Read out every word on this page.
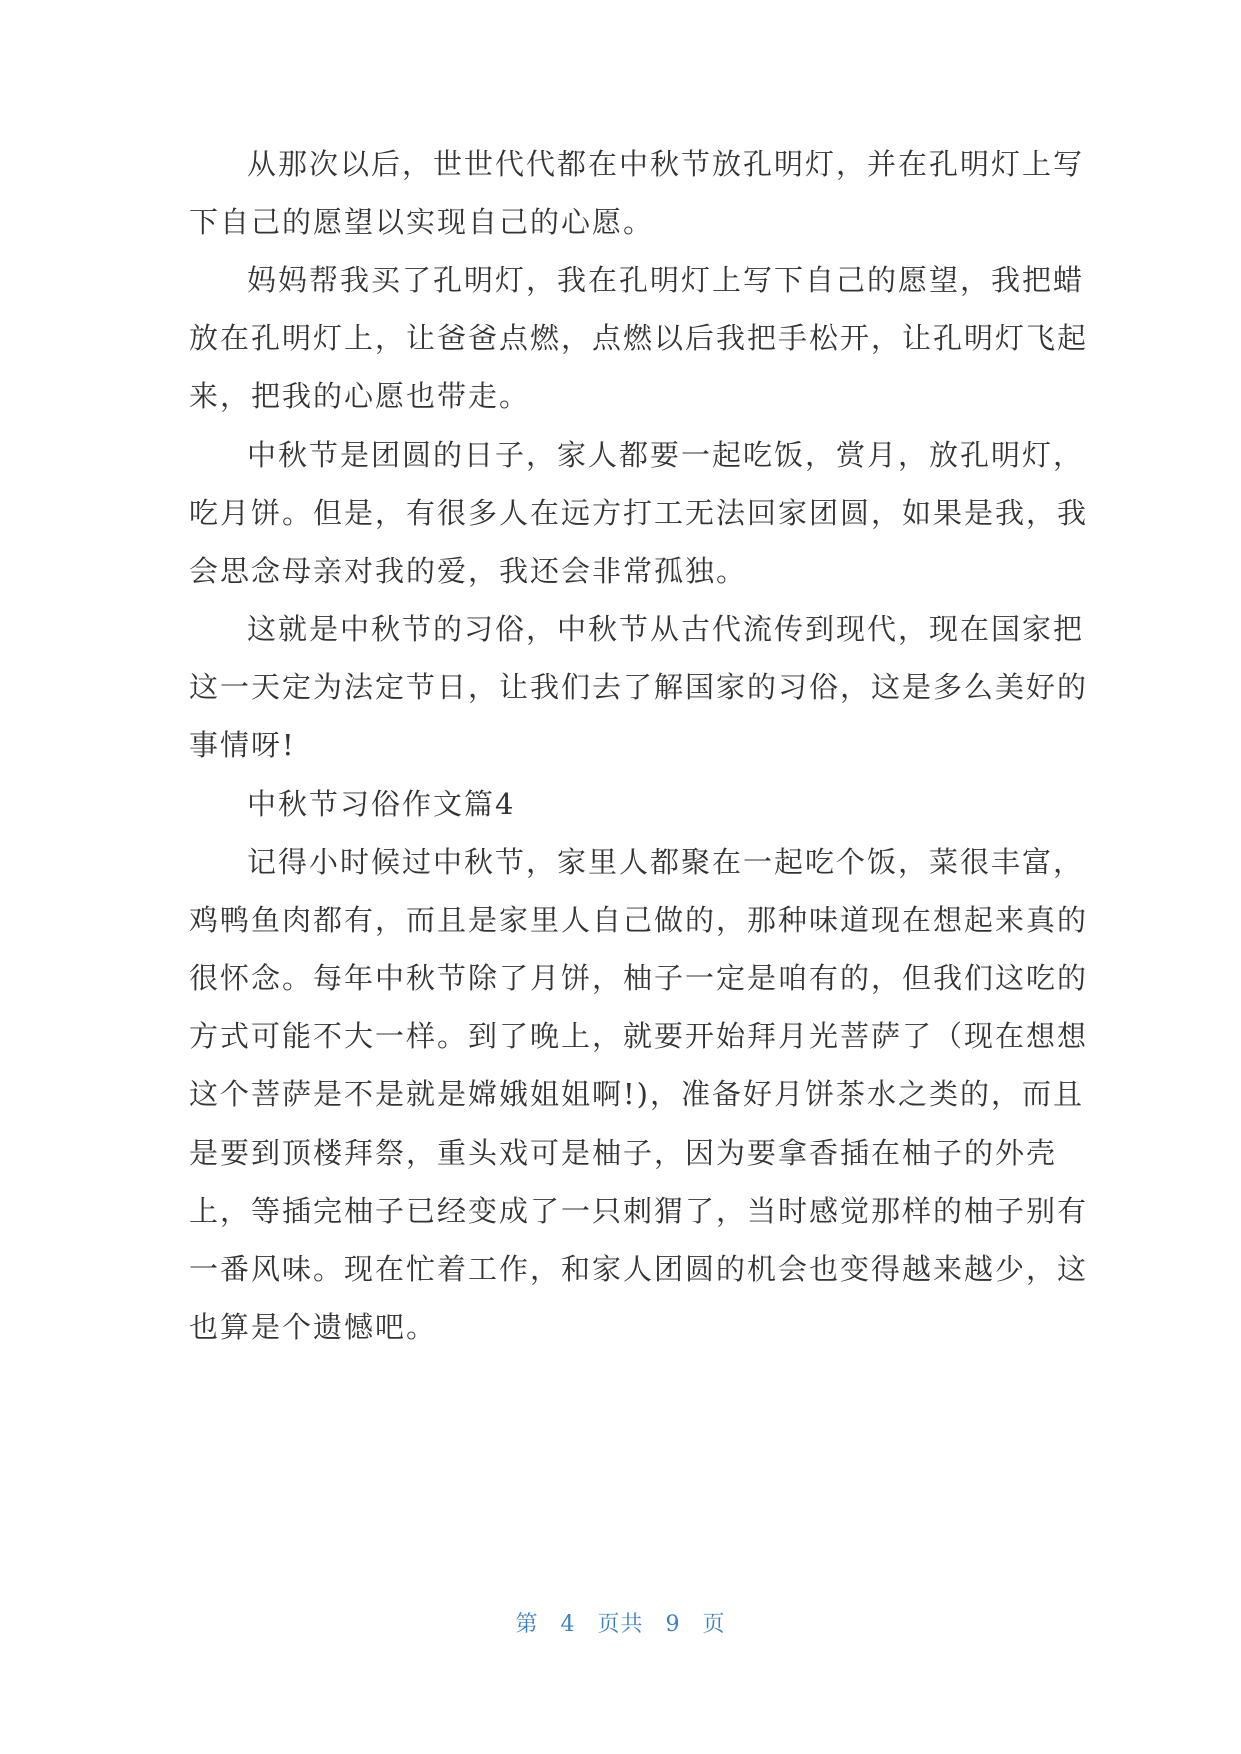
从那次以后，世世代代都在中秋节放孔明灯，并在孔明灯上写
下自己的愿望以实现自己的心愿。
妈妈帮我买了孔明灯，我在孔明灯上写下自己的愿望，我把蜡
放在孔明灯上，让爸爸点燃，点燃以后我把手松开，让孔明灯飞起
来，把我的心愿也带走。
中秋节是团圆的日子，家人都要一起吃饭，赏月，放孔明灯，
吃月饼。但是，有很多人在远方打工无法回家团圆，如果是我，我
会思念母亲对我的爱，我还会非常孤独。
这就是中秋节的习俗，中秋节从古代流传到现代，现在国家把
这一天定为法定节日，让我们去了解国家的习俗，这是多么美好的
事情呀!
中秋节习俗作文篇4
记得小时候过中秋节，家里人都聚在一起吃个饭，菜很丰富，
鸡鸭鱼肉都有，而且是家里人自己做的，那种味道现在想起来真的
很怀念。每年中秋节除了月饼，柚子一定是咱有的，但我们这吃的
方式可能不大一样。到了晚上，就要开始拜月光菩萨了（现在想想
这个菩萨是不是就是嫦娥姐姐啊!)，准备好月饼茶水之类的，而且
是要到顶楼拜祭，重头戏可是柚子，因为要拿香插在柚子的外壳
上，等插完柚子已经变成了一只刺猬了，当时感觉那样的柚子别有
一番风味。现在忙着工作，和家人团圆的机会也变得越来越少，这
也算是个遗憾吧。
第 4 页共 9 页
